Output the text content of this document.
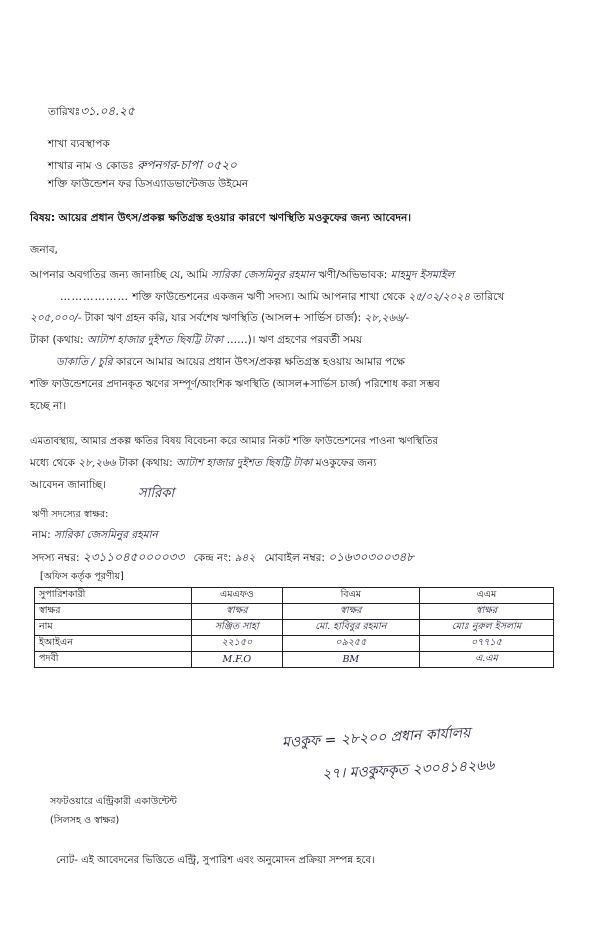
তারিখঃ৩১.০৪.২৫
শাখা ব্যবস্থাপক
শাখার নাম ও কোডঃ রুপনগর-চাপা ০৫২০
শক্তি ফাউন্ডেশন ফর ডিসএ্যাডভান্টেজড উইমেন
বিষয়: আয়ের প্রধান উৎস/প্রকল্প ক্ষতিগ্রস্ত হওয়ার কারণে ঋণস্থিতি মওকুফের জন্য আবেদন।
জনাব,
আপনার অবগতির জন্য জানাচ্ছি যে, আমি সারিকা জেসমিনুর রহমান ঋণী/অভিভাবক: মাহমুদ ইসমাইল
……………… শক্তি ফাউন্ডেশনের একজন ঋণী সদস্য। আমি আপনার শাখা থেকে ২৫/০২/২০২৪ তারিখে
২০৫,০০০/- টাকা ঋণ গ্রহন করি, যার সর্বশেষ ঋণস্থিতি (আসল+ সার্ভিস চার্জ): ২৮,২৬৬/-
টাকা (কথায়: আটাশ হাজার দুইশত ছিষট্টি টাকা ……)। ঋণ গ্রহণের পরবর্তী সময়
ডাকাতি / চুরি কারনে আমার আয়ের প্রধান উৎস/প্রকল্প ক্ষতিগ্রস্ত হওয়ায় আমার পক্ষে
শক্তি ফাউন্ডেশনের প্রদানকৃত ঋণের সম্পূর্ণ/আংশিক ঋণস্থিতি (আসল+সার্ভিস চার্জ) পরিশোধ করা সম্ভব
হচ্ছে না।
এমতাবস্থায়, আমার প্রকল্প ক্ষতির বিষয় বিবেচনা করে আমার নিকট শক্তি ফাউন্ডেশনের পাওনা ঋণস্থিতির
মধ্যে থেকে ২৮,২৬৬ টাকা (কথায়: আটাশ হাজার দুইশত ছিষট্টি টাকা মওকুফের জন্য
আবেদন জানাচ্ছি।
সারিকা
ঋণী সদস্যের স্বাক্ষর:
নাম: সারিকা জেসমিনুর রহমান
সদস্য নম্বর: ২৩১১০৪৫০০০০৩৩ কেন্দ্র নং: ৯৪২ মোবাইল নম্বর: ০১৬৩০৩০০৩৪৮
[অফিস কর্তৃক পূরণীয়]
সুপারিশকারী	এমএফও	বিএম	এএম
স্বাক্ষর	স্বাক্ষর	স্বাক্ষর	স্বাক্ষর
নাম	সঞ্জিত সাহা	মো. হাবিবুর রহমান	মোঃ নুরুল ইসলাম
ইআইএন	২২১৫০	০৯২৫৫	০৭৭১৫
পদবী	M.F.O	BM	এ.এম
মওকুফ = ২৮২০০ প্রধান কার্যালয়
২৭। মওকুফকৃত ২৩০৪১৪২৬৬
সফটওয়ারে এন্ট্রিকারী একাউন্টেন্ট
(সিলসহ ও স্বাক্ষর)
নোট- এই আবেদনের ভিত্তিতে এন্ট্রি, সুপারিশ এবং অনুমোদন প্রক্রিয়া সম্পন্ন হবে।
